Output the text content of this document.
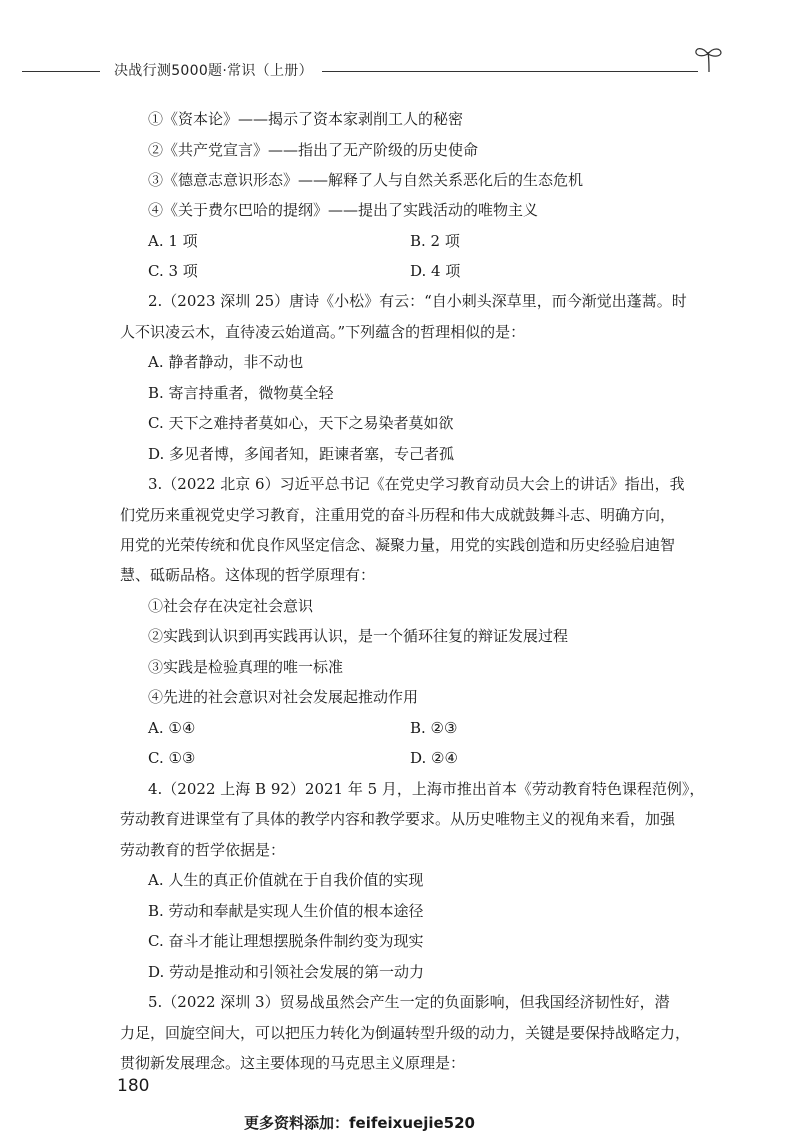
决战行测5000题·常识（上册）
①《资本论》——揭示了资本家剥削工人的秘密
②《共产党宣言》——指出了无产阶级的历史使命
③《德意志意识形态》——解释了人与自然关系恶化后的生态危机
④《关于费尔巴哈的提纲》——提出了实践活动的唯物主义
A. 1 项	B. 2 项
C. 3 项	D. 4 项
2.（2023 深圳 25）唐诗《小松》有云：“自小刺头深草里，而今渐觉出蓬蒿。时
人不识凌云木，直待凌云始道高。”下列蕴含的哲理相似的是：
A. 静者静动，非不动也
B. 寄言持重者，微物莫全轻
C. 天下之难持者莫如心，天下之易染者莫如欲
D. 多见者博，多闻者知，距谏者塞，专己者孤
3.（2022 北京 6）习近平总书记《在党史学习教育动员大会上的讲话》指出，我
们党历来重视党史学习教育，注重用党的奋斗历程和伟大成就鼓舞斗志、明确方向，
用党的光荣传统和优良作风坚定信念、凝聚力量，用党的实践创造和历史经验启迪智
慧、砥砺品格。这体现的哲学原理有：
①社会存在决定社会意识
②实践到认识到再实践再认识，是一个循环往复的辩证发展过程
③实践是检验真理的唯一标准
④先进的社会意识对社会发展起推动作用
A. ①④	B. ②③
C. ①③	D. ②④
4.（2022 上海 B 92）2021 年 5 月，上海市推出首本《劳动教育特色课程范例》，
劳动教育进课堂有了具体的教学内容和教学要求。从历史唯物主义的视角来看，加强
劳动教育的哲学依据是：
A. 人生的真正价值就在于自我价值的实现
B. 劳动和奉献是实现人生价值的根本途径
C. 奋斗才能让理想摆脱条件制约变为现实
D. 劳动是推动和引领社会发展的第一动力
5.（2022 深圳 3）贸易战虽然会产生一定的负面影响，但我国经济韧性好，潜
力足，回旋空间大，可以把压力转化为倒逼转型升级的动力，关键是要保持战略定力，
贯彻新发展理念。这主要体现的马克思主义原理是：
180
更多资料添加：feifeixuejie520
